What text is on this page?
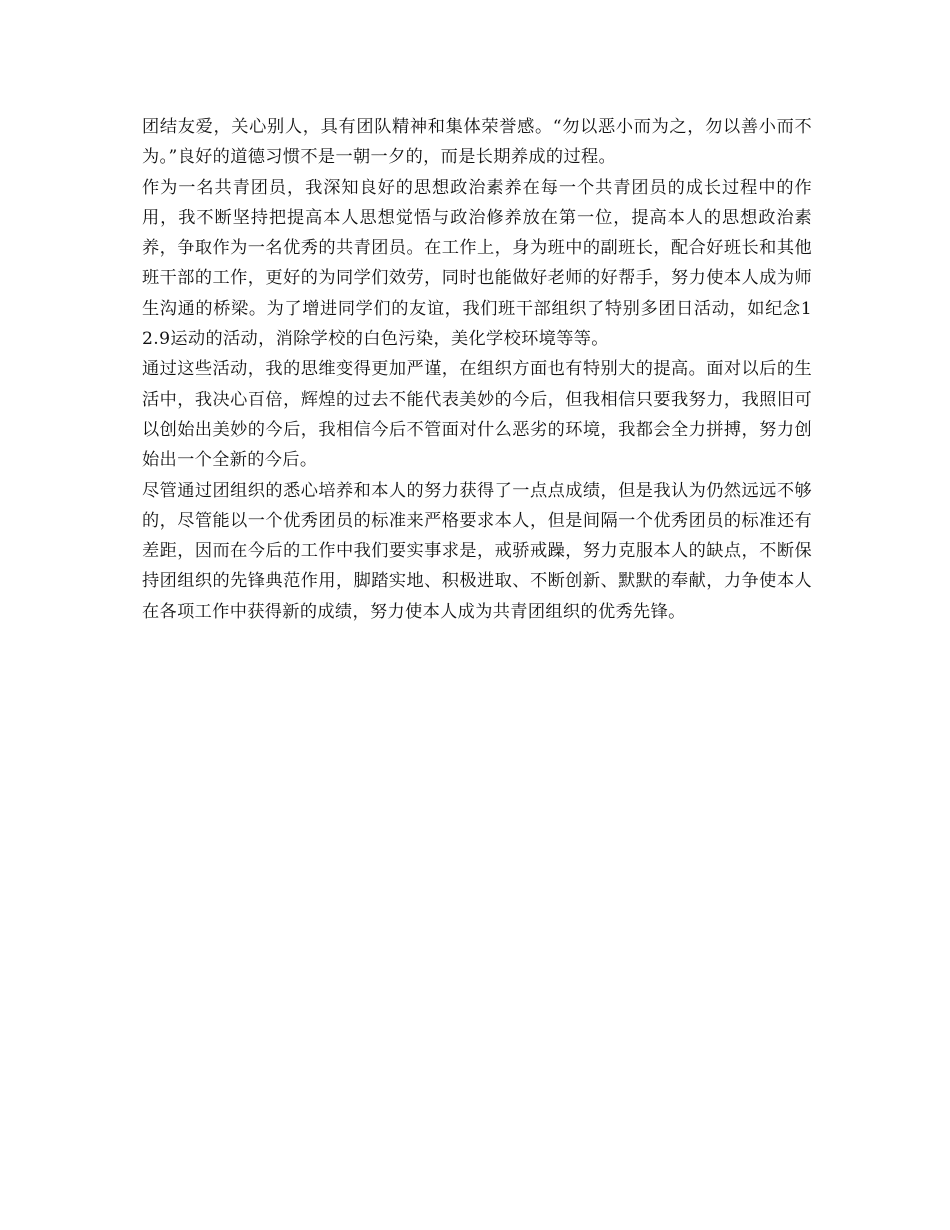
团结友爱，关心别人，具有团队精神和集体荣誉感。“勿以恶小而为之，勿以善小而不为。”良好的道德习惯不是一朝一夕的，而是长期养成的过程。

作为一名共青团员，我深知良好的思想政治素养在每一个共青团员的成长过程中的作用，我不断坚持把提高本人思想觉悟与政治修养放在第一位，提高本人的思想政治素养，争取作为一名优秀的共青团员。在工作上，身为班中的副班长，配合好班长和其他班干部的工作，更好的为同学们效劳，同时也能做好老师的好帮手，努力使本人成为师生沟通的桥梁。为了增进同学们的友谊，我们班干部组织了特别多团日活动，如纪念12.9运动的活动，消除学校的白色污染，美化学校环境等等。

通过这些活动，我的思维变得更加严谨，在组织方面也有特别大的提高。面对以后的生活中，我决心百倍，辉煌的过去不能代表美妙的今后，但我相信只要我努力，我照旧可以创始出美妙的今后，我相信今后不管面对什么恶劣的环境，我都会全力拼搏，努力创始出一个全新的今后。

尽管通过团组织的悉心培养和本人的努力获得了一点点成绩，但是我认为仍然远远不够的，尽管能以一个优秀团员的标准来严格要求本人，但是间隔一个优秀团员的标准还有差距，因而在今后的工作中我们要实事求是，戒骄戒躁，努力克服本人的缺点，不断保持团组织的先锋典范作用，脚踏实地、积极进取、不断创新、默默的奉献，力争使本人在各项工作中获得新的成绩，努力使本人成为共青团组织的优秀先锋。
